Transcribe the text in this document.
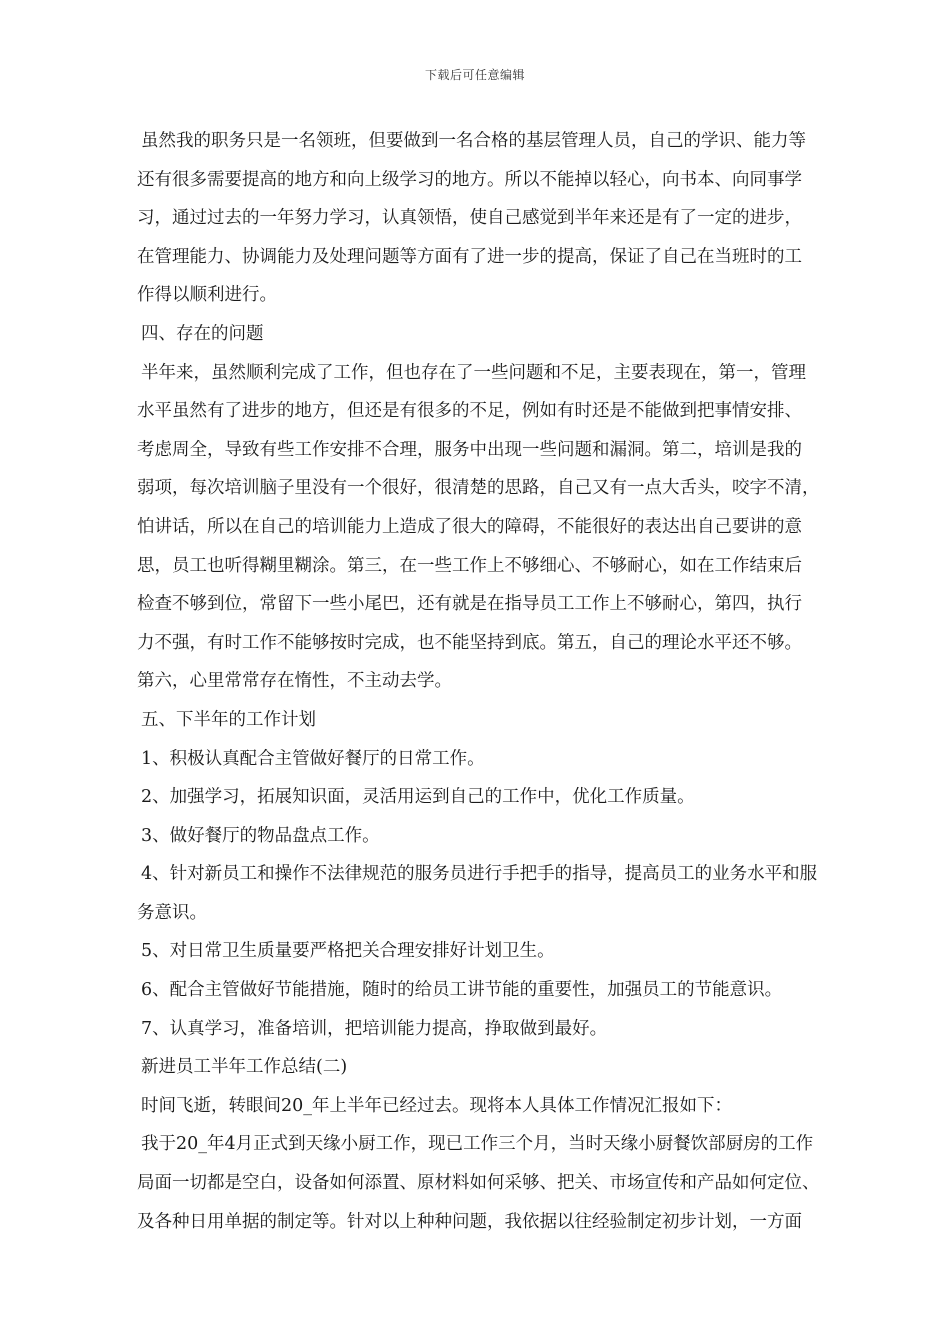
下载后可任意编辑
虽然我的职务只是一名领班，但要做到一名合格的基层管理人员，自己的学识、能力等
还有很多需要提高的地方和向上级学习的地方。所以不能掉以轻心，向书本、向同事学
习，通过过去的一年努力学习，认真领悟，使自己感觉到半年来还是有了一定的进步，
在管理能力、协调能力及处理问题等方面有了进一步的提高，保证了自己在当班时的工
作得以顺利进行。
四、存在的问题
半年来，虽然顺利完成了工作，但也存在了一些问题和不足，主要表现在，第一，管理
水平虽然有了进步的地方，但还是有很多的不足，例如有时还是不能做到把事情安排、
考虑周全，导致有些工作安排不合理，服务中出现一些问题和漏洞。第二，培训是我的
弱项，每次培训脑子里没有一个很好，很清楚的思路，自己又有一点大舌头，咬字不清，
怕讲话，所以在自己的培训能力上造成了很大的障碍，不能很好的表达出自己要讲的意
思，员工也听得糊里糊涂。第三，在一些工作上不够细心、不够耐心，如在工作结束后
检查不够到位，常留下一些小尾巴，还有就是在指导员工工作上不够耐心，第四，执行
力不强，有时工作不能够按时完成，也不能坚持到底。第五，自己的理论水平还不够。
第六，心里常常存在惰性，不主动去学。
五、下半年的工作计划
1、积极认真配合主管做好餐厅的日常工作。
2、加强学习，拓展知识面，灵活用运到自己的工作中，优化工作质量。
3、做好餐厅的物品盘点工作。
4、针对新员工和操作不法律规范的服务员进行手把手的指导，提高员工的业务水平和服
务意识。
5、对日常卫生质量要严格把关合理安排好计划卫生。
6、配合主管做好节能措施，随时的给员工讲节能的重要性，加强员工的节能意识。
7、认真学习，准备培训，把培训能力提高，挣取做到最好。
新进员工半年工作总结(二)
时间飞逝，转眼间20_年上半年已经过去。现将本人具体工作情况汇报如下：
我于20_年4月正式到天缘小厨工作，现已工作三个月，当时天缘小厨餐饮部厨房的工作
局面一切都是空白，设备如何添置、原材料如何采够、把关、市场宣传和产品如何定位、
及各种日用单据的制定等。针对以上种种问题，我依据以往经验制定初步计划，一方面
